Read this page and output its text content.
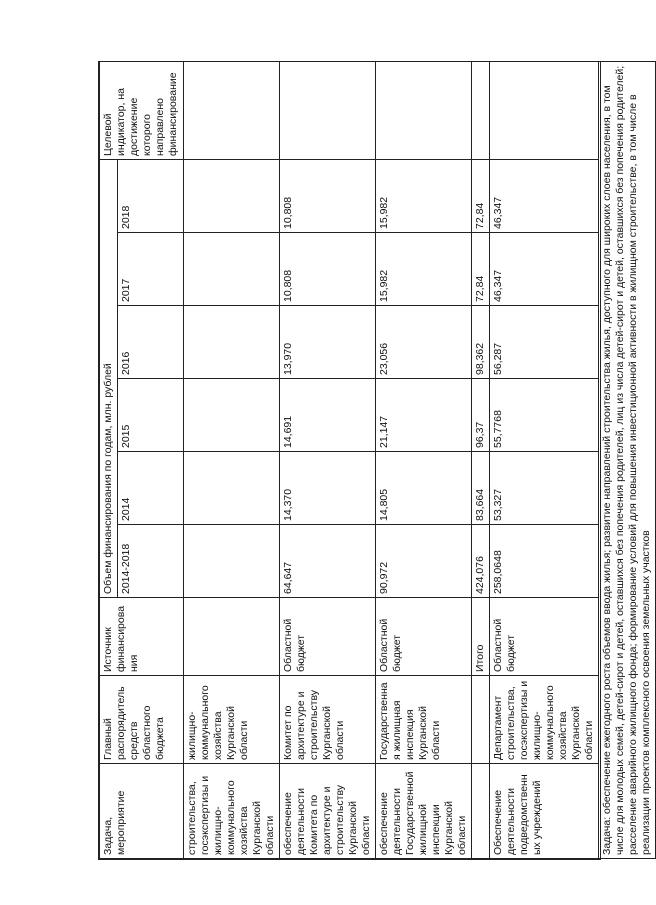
Задача, мероприятие	Главный распорядитель средств областного бюджета	Источник финансирования	Объем финансирования по годам, млн. рублей						Целевой индикатор, на достижение которого направлено финансирование
			2014-2018	2014	2015	2016	2017	2018	
строительства, госэкспертизы и жилищно-коммунального хозяйства Курганской области	жилищно-коммунального хозяйства Курганской области								
обеспечение деятельности Комитета по архитектуре и строительству Курганской области	Комитет по архитектуре и строительству Курганской области	Областной бюджет	64,647	14,370	14,691	13,970	10,808	10,808	
обеспечение деятельности Государственной жилищной инспекции Курганской области	Государственная жилищная инспекция Курганской области	Областной бюджет	90,972	14,805	21,147	23,056	15,982	15,982	
		Итого	424,076	83,664	96,37	98,362	72,84	72,84	
Обеспечение деятельности подведомственных учреждений	Департамент строительства, госэкспертизы и жилищно-коммунального хозяйства Курганской области	Областной бюджет	258,0648	53,327	55,7768	56,287	46,347	46,347	
Задача: обеспечение ежегодного роста объемов ввода жилья; развитие направлений строительства жилья, доступного для широких слоев населения, в том числе для молодых семей, детей-сирот и детей, оставшихся без попечения родителей, лиц из числа детей-сирот и детей, оставшихся без попечения родителей; расселение аварийного жилищного фонда; формирование условий для повышения инвестиционной активности в жилищном строительстве, в том числе в реализации проектов комплексного освоения земельных участков									
